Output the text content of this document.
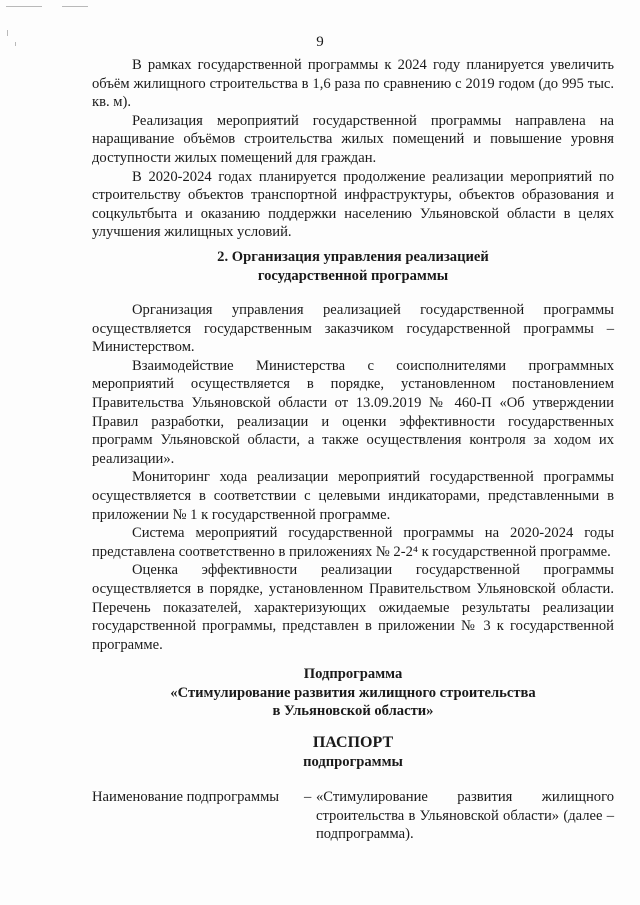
9

В рамках государственной программы к 2024 году планируется увеличить объём жилищного строительства в 1,6 раза по сравнению с 2019 годом (до 995 тыс. кв. м).

Реализация мероприятий государственной программы направлена на наращивание объёмов строительства жилых помещений и повышение уровня доступности жилых помещений для граждан.

В 2020-2024 годах планируется продолжение реализации мероприятий по строительству объектов транспортной инфраструктуры, объектов образования и соцкультбыта и оказанию поддержки населению Ульяновской области в целях улучшения жилищных условий.

2. Организация управления реализацией
государственной программы

Организация управления реализацией государственной программы осуществляется государственным заказчиком государственной программы – Министерством.

Взаимодействие Министерства с соисполнителями программных мероприятий осуществляется в порядке, установленном постановлением Правительства Ульяновской области от 13.09.2019 № 460-П «Об утверждении Правил разработки, реализации и оценки эффективности государственных программ Ульяновской области, а также осуществления контроля за ходом их реализации».

Мониторинг хода реализации мероприятий государственной программы осуществляется в соответствии с целевыми индикаторами, представленными в приложении № 1 к государственной программе.

Система мероприятий государственной программы на 2020-2024 годы представлена соответственно в приложениях № 2-2⁴ к государственной программе.

Оценка эффективности реализации государственной программы осуществляется в порядке, установленном Правительством Ульяновской области. Перечень показателей, характеризующих ожидаемые результаты реализации государственной программы, представлен в приложении № 3 к государственной программе.

Подпрограмма
«Стимулирование развития жилищного строительства
в Ульяновской области»
ПАСПОРТ
подпрограммы
Наименование подпрограммы	– «Стимулирование развития жилищного строительства в Ульяновской области» (далее – подпрограмма).
